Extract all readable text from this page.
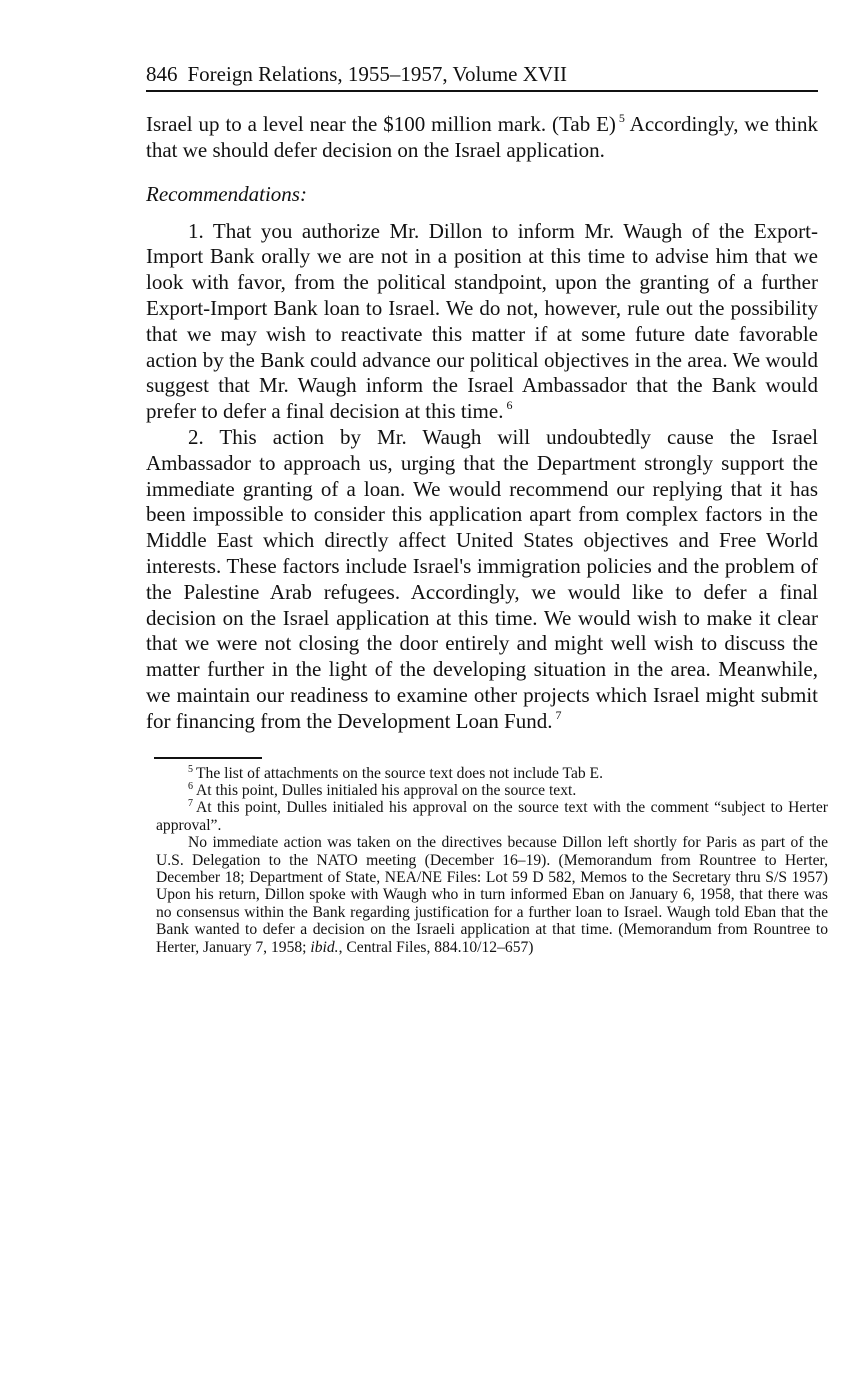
846 Foreign Relations, 1955–1957, Volume XVII

Israel up to a level near the $100 million mark. (Tab E) $^5$ Accordingly, we think that we should defer decision on the Israel application.

Recommendations:

1. That you authorize Mr. Dillon to inform Mr. Waugh of the Export-Import Bank orally we are not in a position at this time to advise him that we look with favor, from the political standpoint, upon the granting of a further Export-Import Bank loan to Israel. We do not, however, rule out the possibility that we may wish to reactivate this matter if at some future date favorable action by the Bank could advance our political objectives in the area. We would suggest that Mr. Waugh inform the Israel Ambassador that the Bank would prefer to defer a final decision at this time. $^6$

2. This action by Mr. Waugh will undoubtedly cause the Israel Ambassador to approach us, urging that the Department strongly support the immediate granting of a loan. We would recommend our replying that it has been impossible to consider this application apart from complex factors in the Middle East which directly affect United States objectives and Free World interests. These factors include Israel's immigration policies and the problem of the Palestine Arab refugees. Accordingly, we would like to defer a final decision on the Israel application at this time. We would wish to make it clear that we were not closing the door entirely and might well wish to discuss the matter further in the light of the developing situation in the area. Meanwhile, we maintain our readiness to examine other projects which Israel might submit for financing from the Development Loan Fund. $^7$

$^5$ The list of attachments on the source text does not include Tab E.

$^6$ At this point, Dulles initialed his approval on the source text.

$^7$ At this point, Dulles initialed his approval on the source text with the comment “subject to Herter approval”.

No immediate action was taken on the directives because Dillon left shortly for Paris as part of the U.S. Delegation to the NATO meeting (December 16–19). (Memorandum from Rountree to Herter, December 18; Department of State, NEA/NE Files: Lot 59 D 582, Memos to the Secretary thru S/S 1957) Upon his return, Dillon spoke with Waugh who in turn informed Eban on January 6, 1958, that there was no consensus within the Bank regarding justification for a further loan to Israel. Waugh told Eban that the Bank wanted to defer a decision on the Israeli application at that time. (Memorandum from Rountree to Herter, January 7, 1958; ibid., Central Files, 884.10/12–657)
